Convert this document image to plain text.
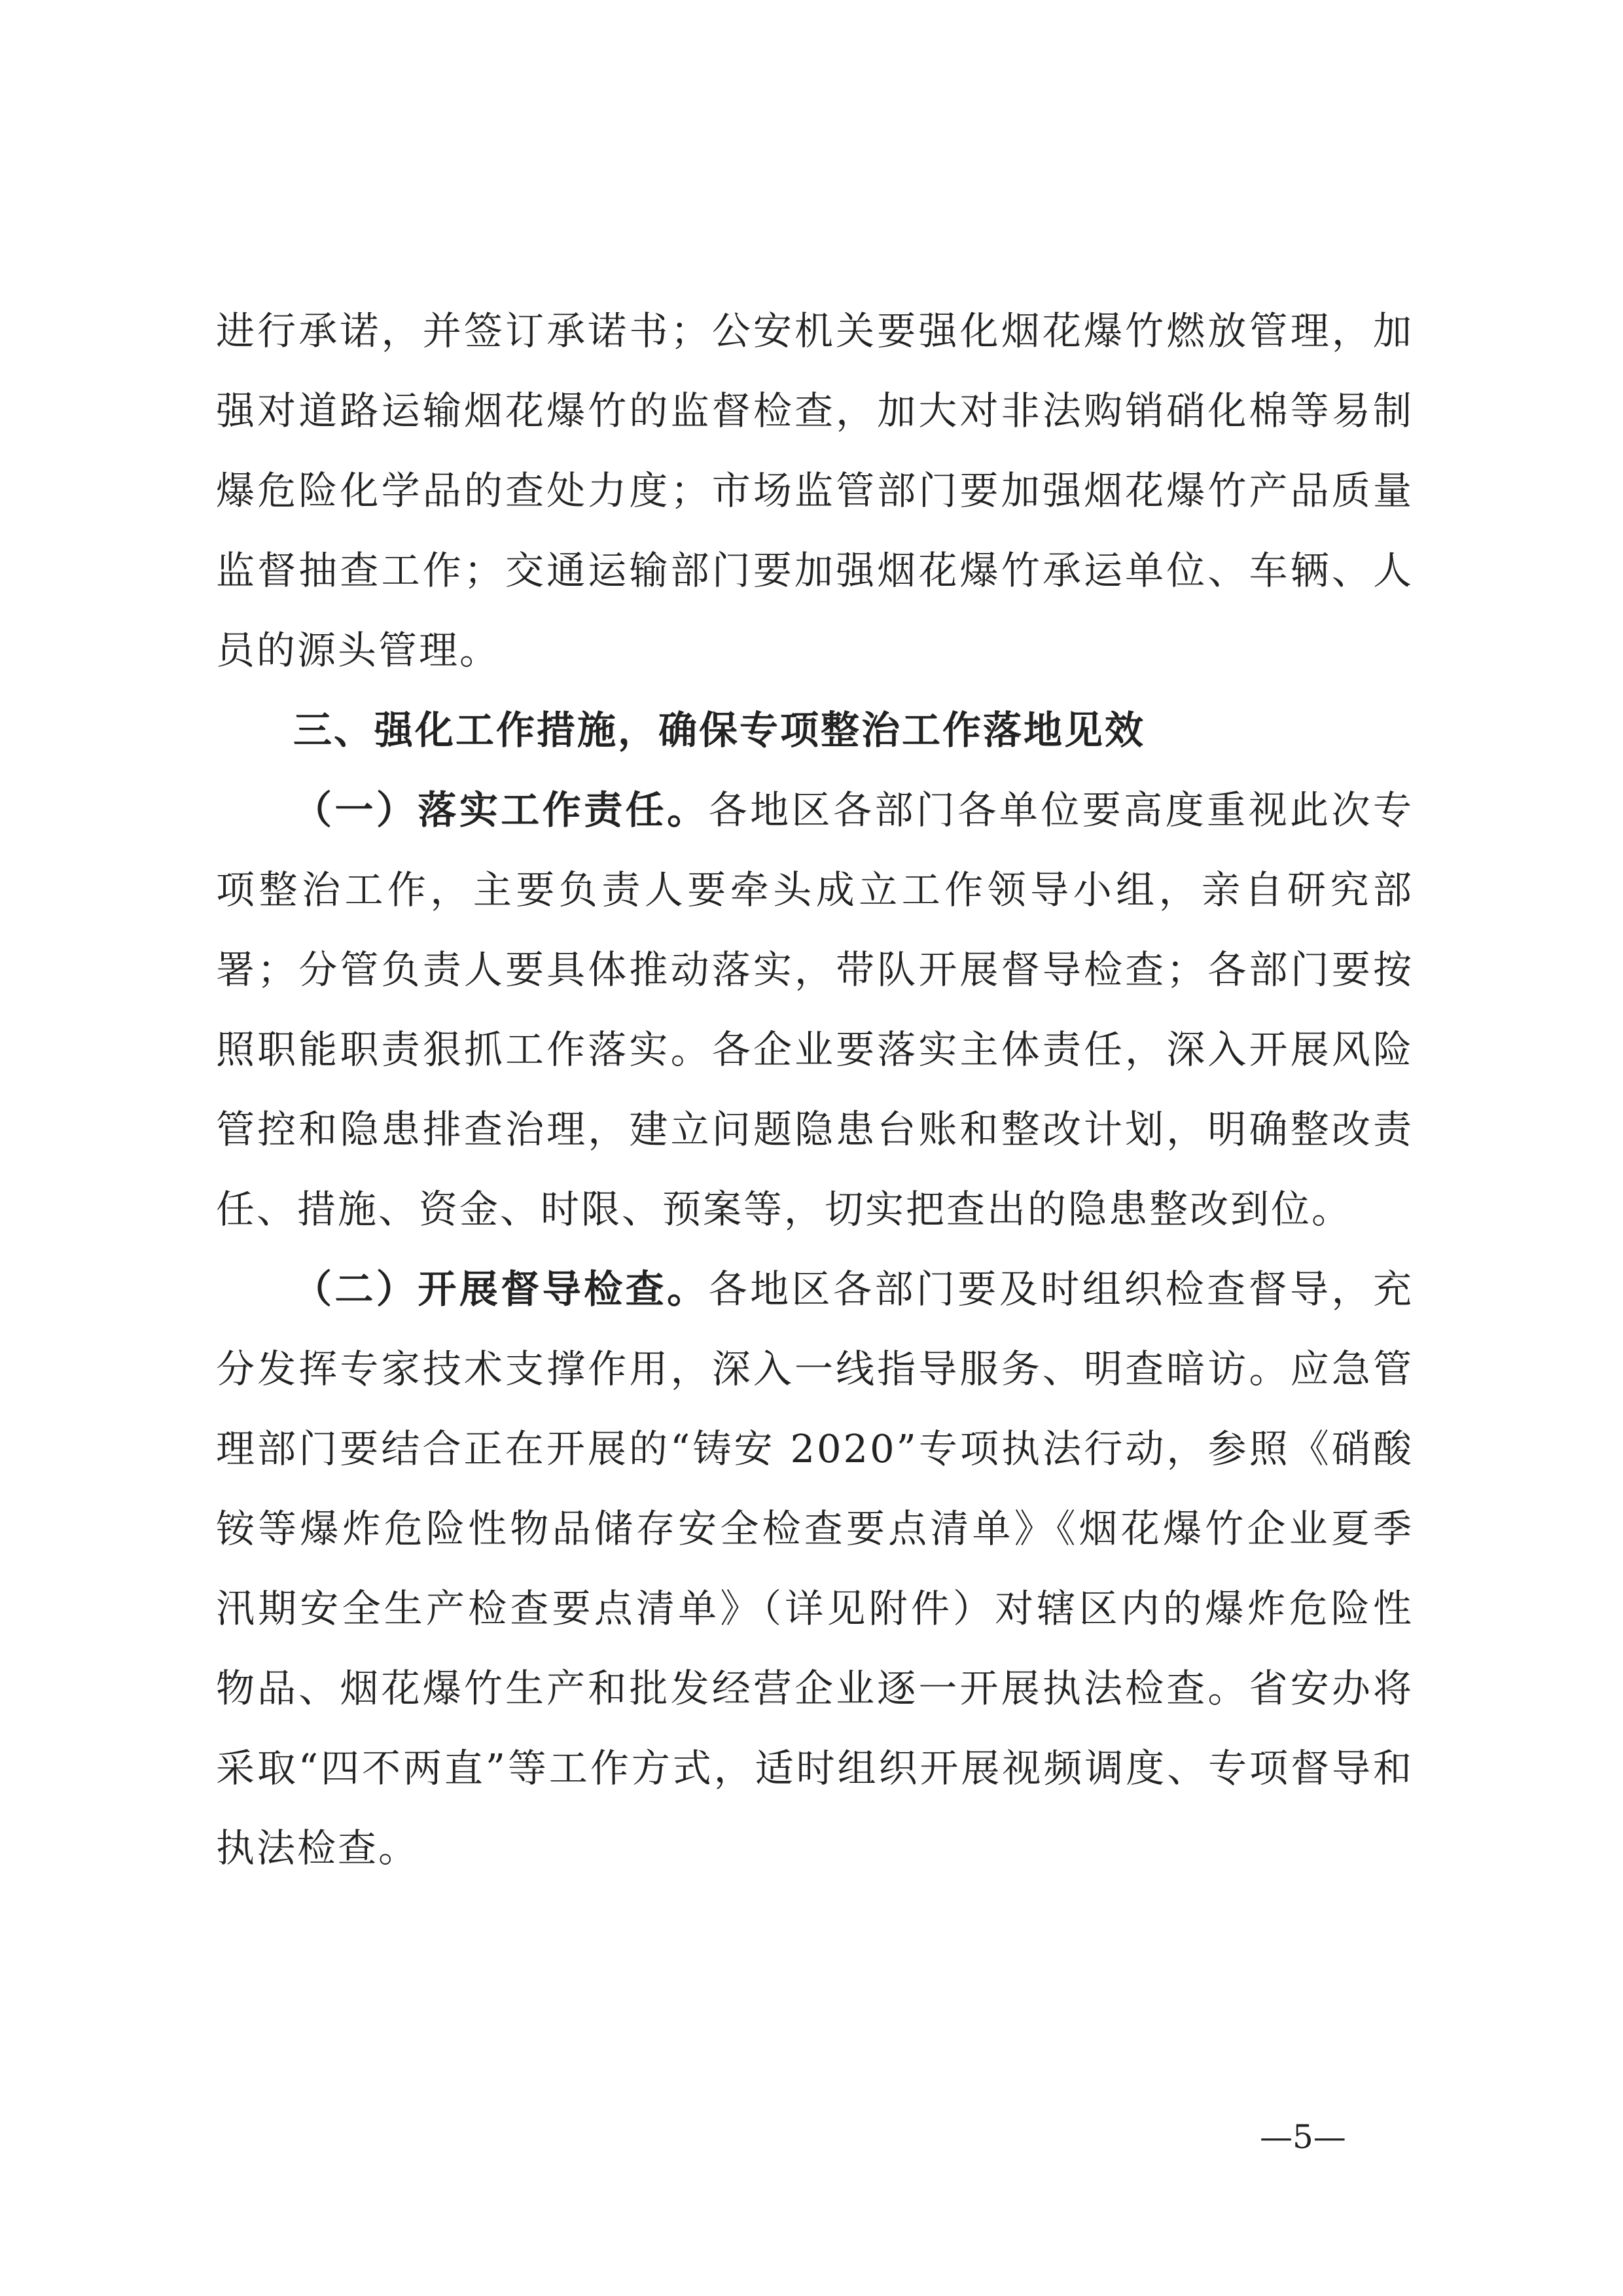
进行承诺，并签订承诺书；公安机关要强化烟花爆竹燃放管理，加强对道路运输烟花爆竹的监督检查，加大对非法购销硝化棉等易制爆危险化学品的查处力度；市场监管部门要加强烟花爆竹产品质量监督抽查工作；交通运输部门要加强烟花爆竹承运单位、车辆、人员的源头管理。

三、强化工作措施，确保专项整治工作落地见效

（一）落实工作责任。各地区各部门各单位要高度重视此次专项整治工作，主要负责人要牵头成立工作领导小组，亲自研究部署；分管负责人要具体推动落实，带队开展督导检查；各部门要按照职能职责狠抓工作落实。各企业要落实主体责任，深入开展风险管控和隐患排查治理，建立问题隐患台账和整改计划，明确整改责任、措施、资金、时限、预案等，切实把查出的隐患整改到位。

（二）开展督导检查。各地区各部门要及时组织检查督导，充分发挥专家技术支撑作用，深入一线指导服务、明查暗访。应急管理部门要结合正在开展的“铸安 2020”专项执法行动，参照《硝酸铵等爆炸危险性物品储存安全检查要点清单》《烟花爆竹企业夏季汛期安全生产检查要点清单》（详见附件）对辖区内的爆炸危险性物品、烟花爆竹生产和批发经营企业逐一开展执法检查。省安办将采取“四不两直”等工作方式，适时组织开展视频调度、专项督导和执法检查。

—5—
